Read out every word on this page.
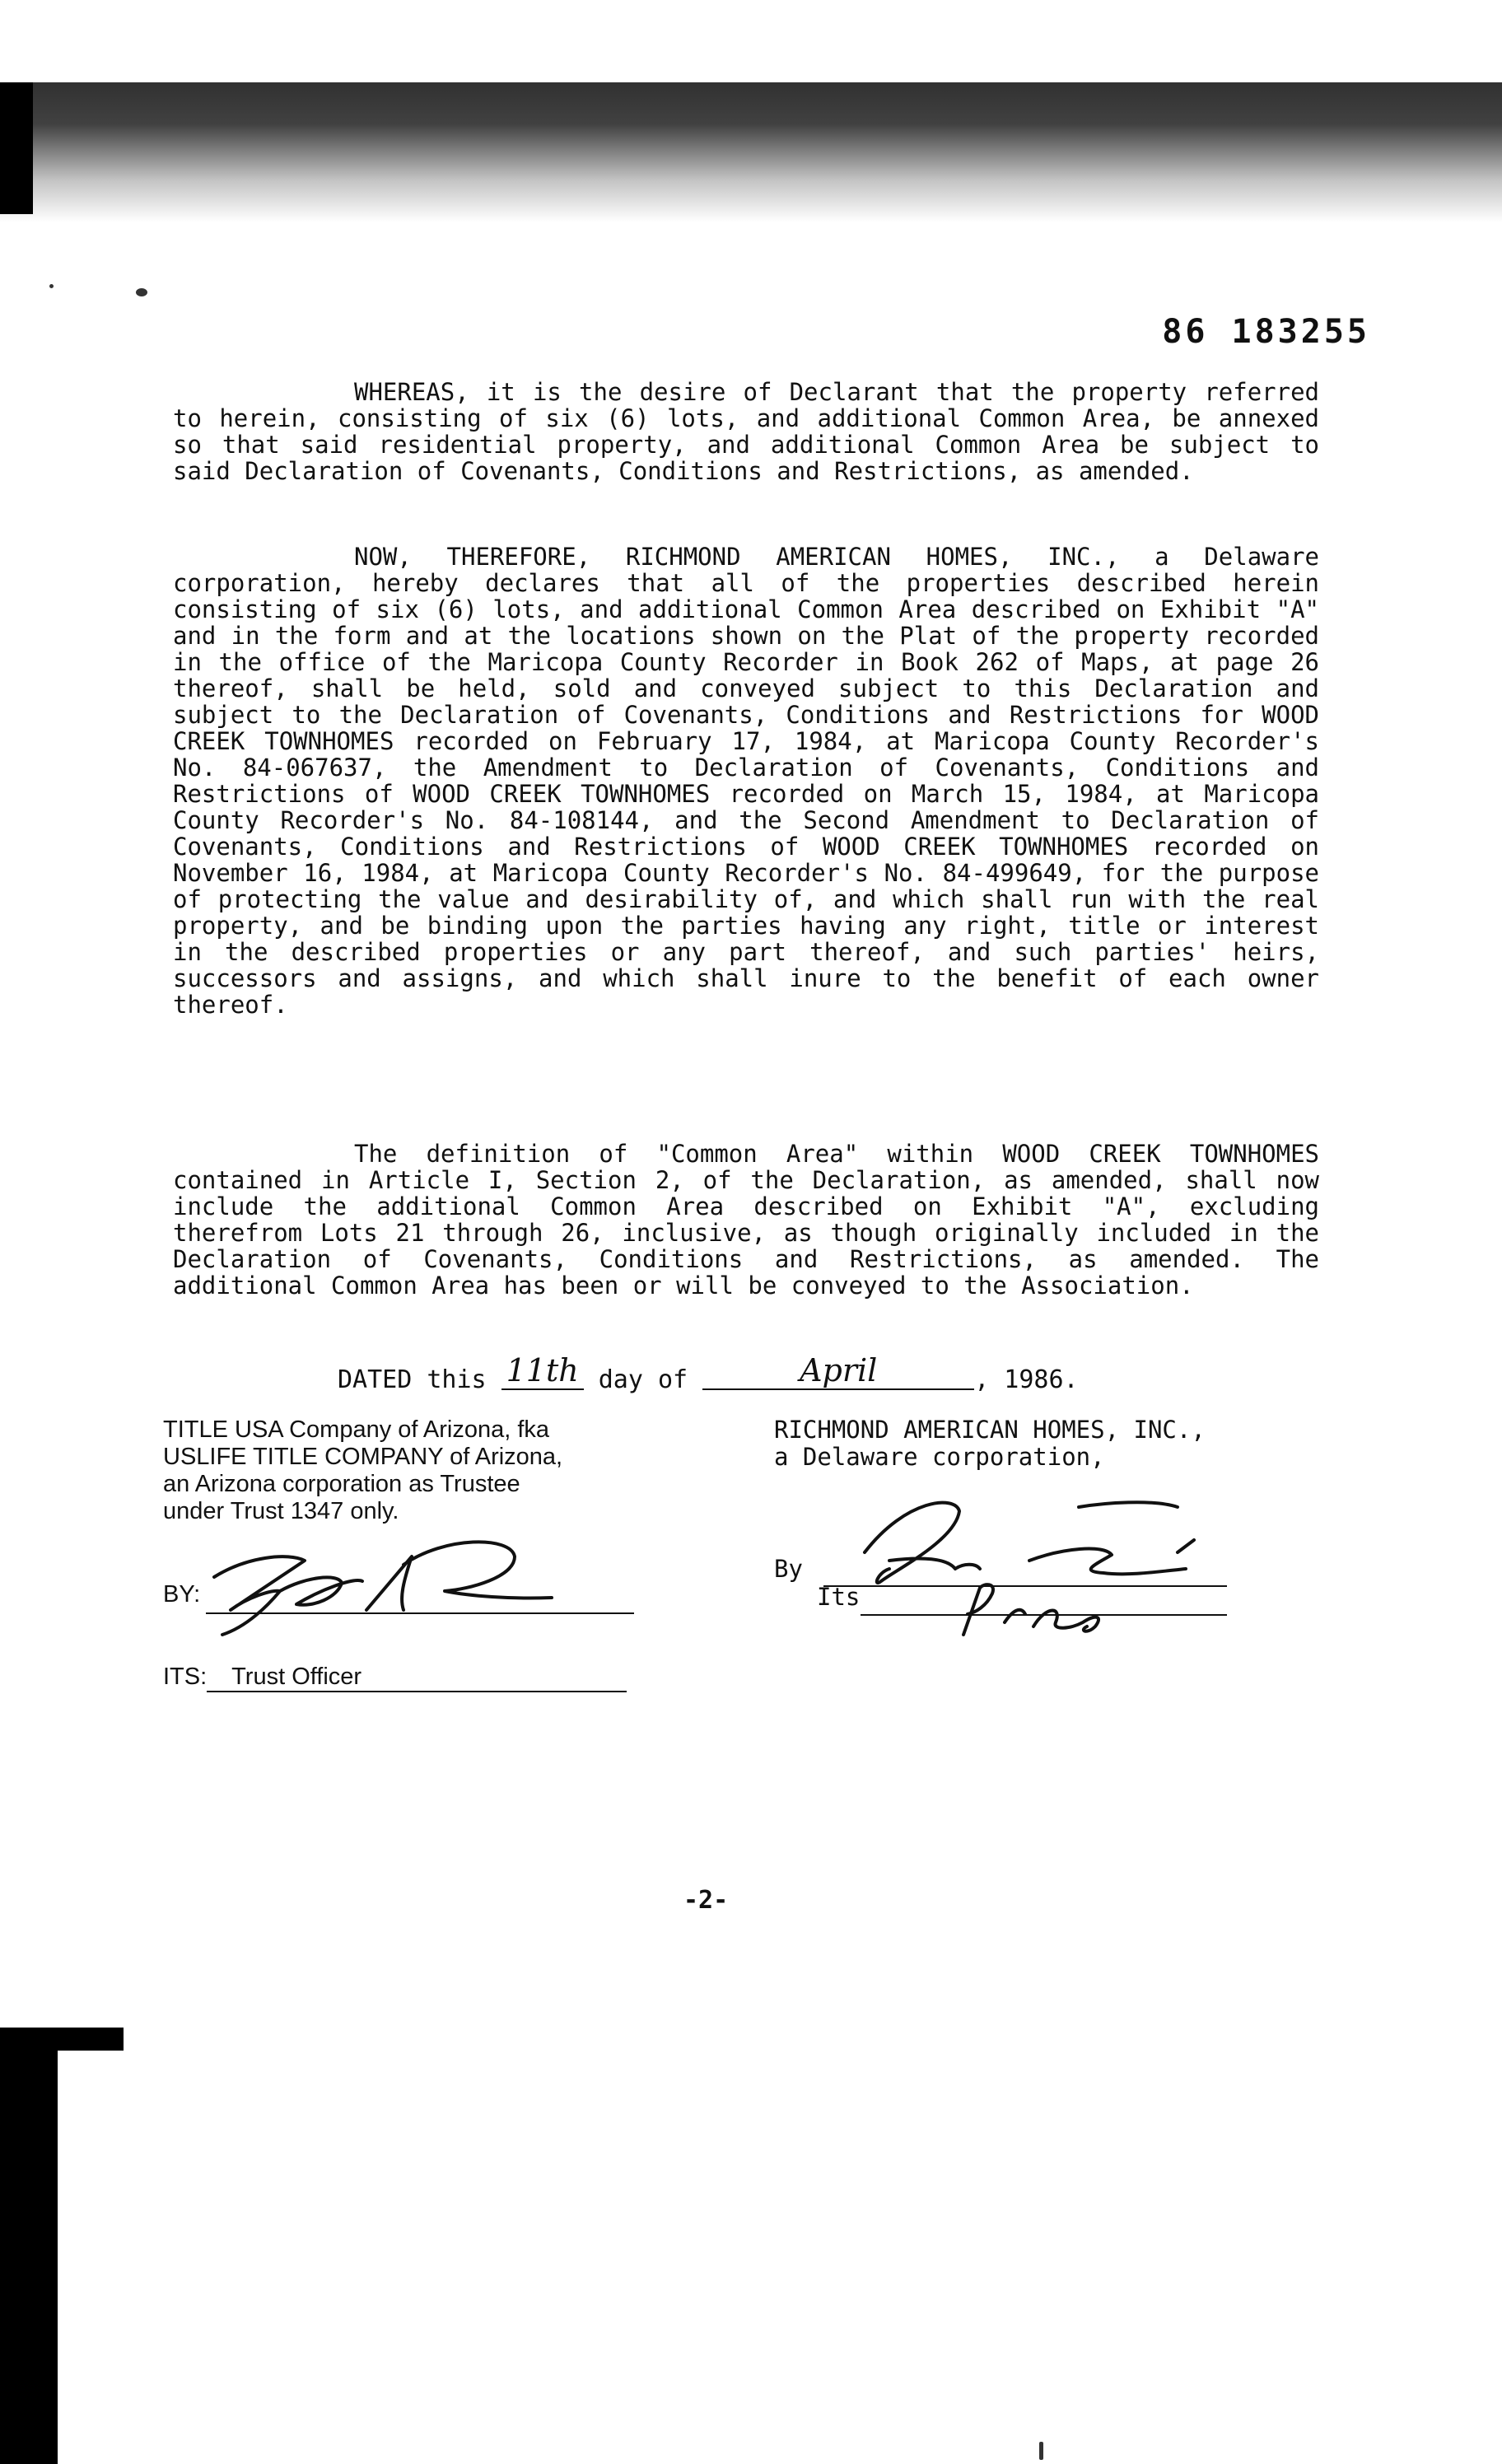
86 183255

WHEREAS, it is the desire of Declarant that the property referred to herein, consisting of six (6) lots, and additional Common Area, be annexed so that said residential property, and additional Common Area be subject to said Declaration of Covenants, Conditions and Restrictions, as amended.

NOW, THEREFORE, RICHMOND AMERICAN HOMES, INC., a Delaware corporation, hereby declares that all of the properties described herein consisting of six (6) lots, and additional Common Area described on Exhibit "A" and in the form and at the locations shown on the Plat of the property recorded in the office of the Maricopa County Recorder in Book 262 of Maps, at page 26 thereof, shall be held, sold and conveyed subject to this Declaration and subject to the Declaration of Covenants, Conditions and Restrictions for WOOD CREEK TOWNHOMES recorded on February 17, 1984, at Maricopa County Recorder's No. 84-067637, the Amendment to Declaration of Covenants, Conditions and Restrictions of WOOD CREEK TOWNHOMES recorded on March 15, 1984, at Maricopa County Recorder's No. 84-108144, and the Second Amendment to Declaration of Covenants, Conditions and Restrictions of WOOD CREEK TOWNHOMES recorded on November 16, 1984, at Maricopa County Recorder's No. 84-499649, for the purpose of protecting the value and desirability of, and which shall run with the real property, and be binding upon the parties having any right, title or interest in the described properties or any part thereof, and such parties' heirs, successors and assigns, and which shall inure to the benefit of each owner thereof.

The definition of "Common Area" within WOOD CREEK TOWNHOMES contained in Article I, Section 2, of the Declaration, as amended, shall now include the additional Common Area described on Exhibit "A", excluding therefrom Lots 21 through 26, inclusive, as though originally included in the Declaration of Covenants, Conditions and Restrictions, as amended. The additional Common Area has been or will be conveyed to the Association.

DATED this 11th day of	April	, 1986.
TITLE USA Company of Arizona, fka
USLIFE TITLE COMPANY of Arizona,
an Arizona corporation as Trustee
under Trust 1347 only.
RICHMOND AMERICAN HOMES, INC.,
a Delaware corporation,
BY:
ITS: Trust Officer
By
Its
-2-
